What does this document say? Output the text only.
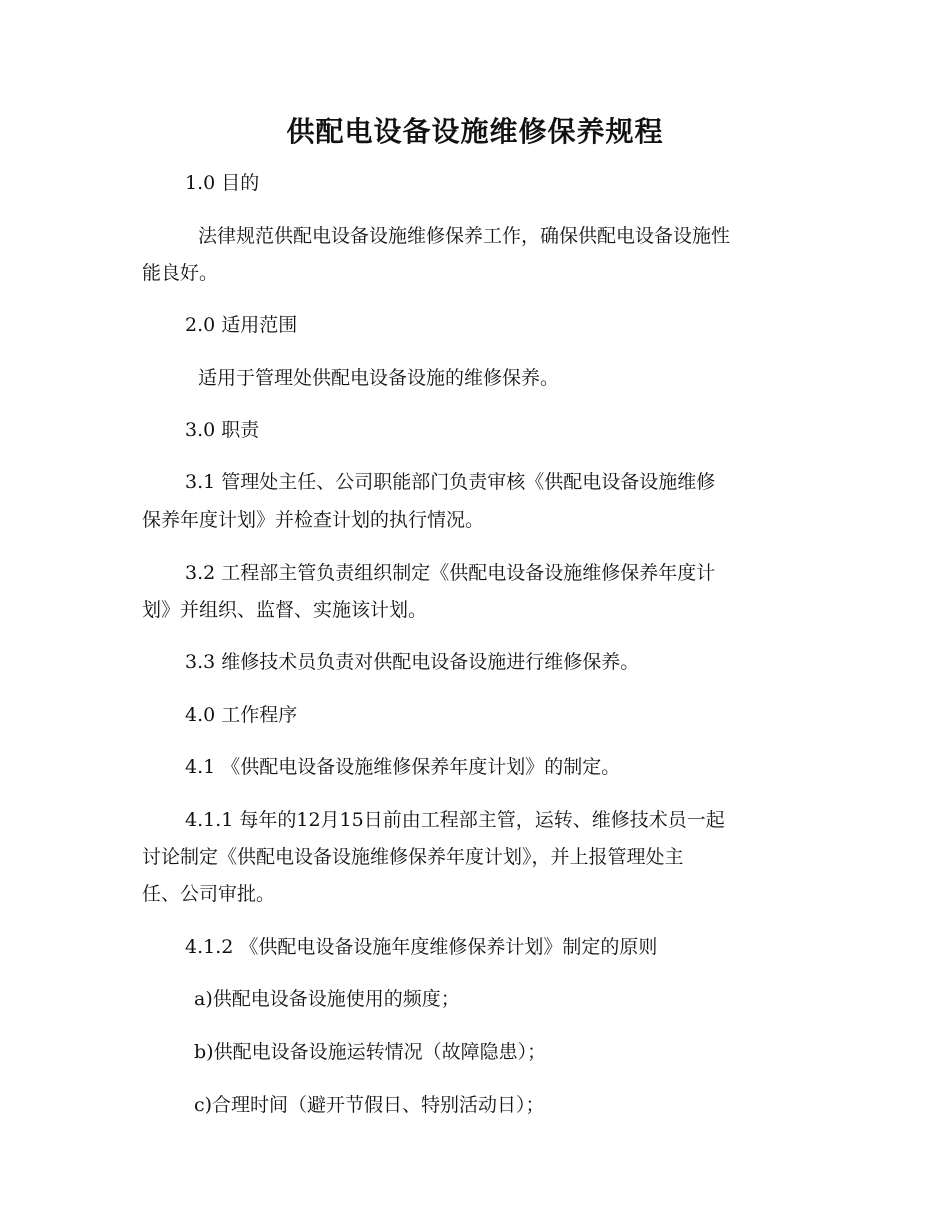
供配电设备设施维修保养规程
1.0 目的
法律规范供配电设备设施维修保养工作，确保供配电设备设施性
能良好。
2.0 适用范围
适用于管理处供配电设备设施的维修保养。
3.0 职责
3.1 管理处主任、公司职能部门负责审核《供配电设备设施维修
保养年度计划》并检查计划的执行情况。
3.2 工程部主管负责组织制定《供配电设备设施维修保养年度计
划》并组织、监督、实施该计划。
3.3 维修技术员负责对供配电设备设施进行维修保养。
4.0 工作程序
4.1 《供配电设备设施维修保养年度计划》的制定。
4.1.1 每年的12月15日前由工程部主管，运转、维修技术员一起
讨论制定《供配电设备设施维修保养年度计划》，并上报管理处主
任、公司审批。
4.1.2 《供配电设备设施年度维修保养计划》制定的原则
a)供配电设备设施使用的频度；
b)供配电设备设施运转情况（故障隐患）；
c)合理时间（避开节假日、特别活动日）；
